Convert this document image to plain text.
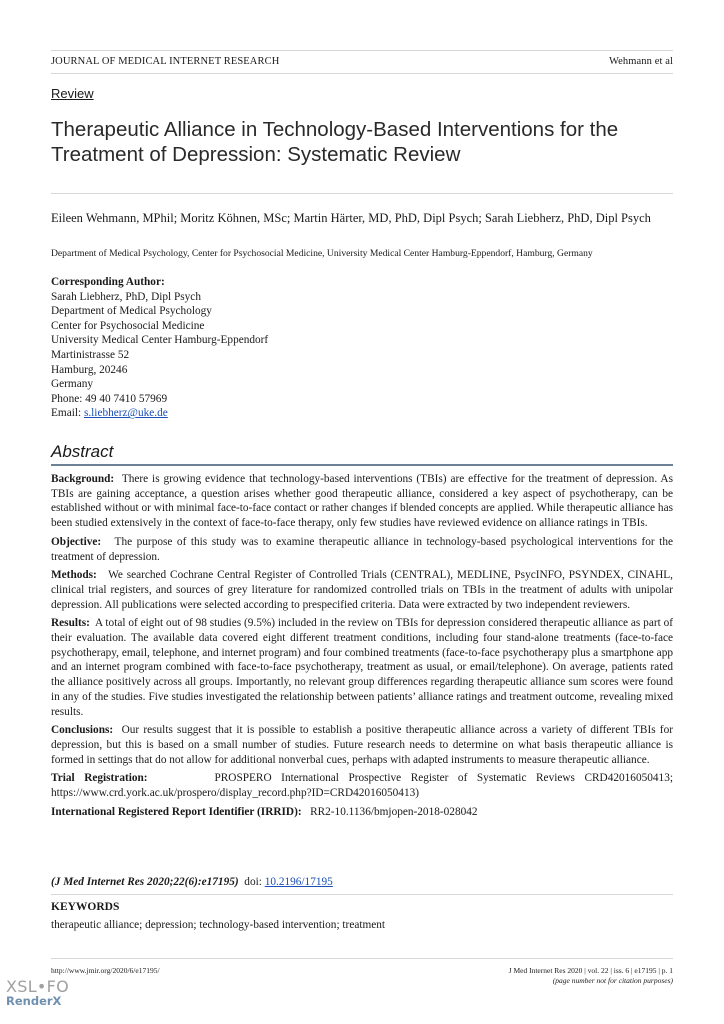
JOURNAL OF MEDICAL INTERNET RESEARCH	Wehmann et al
Review
Therapeutic Alliance in Technology-Based Interventions for the Treatment of Depression: Systematic Review
Eileen Wehmann, MPhil; Moritz Köhnen, MSc; Martin Härter, MD, PhD, Dipl Psych; Sarah Liebherz, PhD, Dipl Psych
Department of Medical Psychology, Center for Psychosocial Medicine, University Medical Center Hamburg-Eppendorf, Hamburg, Germany
Corresponding Author:
Sarah Liebherz, PhD, Dipl Psych
Department of Medical Psychology
Center for Psychosocial Medicine
University Medical Center Hamburg-Eppendorf
Martinistrasse 52
Hamburg, 20246
Germany
Phone: 49 40 7410 57969
Email: s.liebherz@uke.de
Abstract

Background: There is growing evidence that technology-based interventions (TBIs) are effective for the treatment of depression. As TBIs are gaining acceptance, a question arises whether good therapeutic alliance, considered a key aspect of psychotherapy, can be established without or with minimal face-to-face contact or rather changes if blended concepts are applied. While therapeutic alliance has been studied extensively in the context of face-to-face therapy, only few studies have reviewed evidence on alliance ratings in TBIs.

Objective: The purpose of this study was to examine therapeutic alliance in technology-based psychological interventions for the treatment of depression.

Methods: We searched Cochrane Central Register of Controlled Trials (CENTRAL), MEDLINE, PsycINFO, PSYNDEX, CINAHL, clinical trial registers, and sources of grey literature for randomized controlled trials on TBIs in the treatment of adults with unipolar depression. All publications were selected according to prespecified criteria. Data were extracted by two independent reviewers.

Results: A total of eight out of 98 studies (9.5%) included in the review on TBIs for depression considered therapeutic alliance as part of their evaluation. The available data covered eight different treatment conditions, including four stand-alone treatments (face-to-face psychotherapy, email, telephone, and internet program) and four combined treatments (face-to-face psychotherapy plus a smartphone app and an internet program combined with face-to-face psychotherapy, treatment as usual, or email/telephone). On average, patients rated the alliance positively across all groups. Importantly, no relevant group differences regarding therapeutic alliance sum scores were found in any of the studies. Five studies investigated the relationship between patients’ alliance ratings and treatment outcome, revealing mixed results.

Conclusions: Our results suggest that it is possible to establish a positive therapeutic alliance across a variety of different TBIs for depression, but this is based on a small number of studies. Future research needs to determine on what basis therapeutic alliance is formed in settings that do not allow for additional nonverbal cues, perhaps with adapted instruments to measure therapeutic alliance.

Trial Registration:	PROSPERO International Prospective Register of Systematic Reviews CRD42016050413; https://www.crd.york.ac.uk/prospero/display_record.php?ID=CRD42016050413)

International Registered Report Identifier (IRRID): RR2-10.1136/bmjopen-2018-028042

(J Med Internet Res 2020;22(6):e17195) doi: 10.2196/17195
KEYWORDS
therapeutic alliance; depression; technology-based intervention; treatment
http://www.jmir.org/2020/6/e17195/	J Med Internet Res 2020 | vol. 22 | iss. 6 | e17195 | p. 1
(page number not for citation purposes)
XSL•FO
RenderX
